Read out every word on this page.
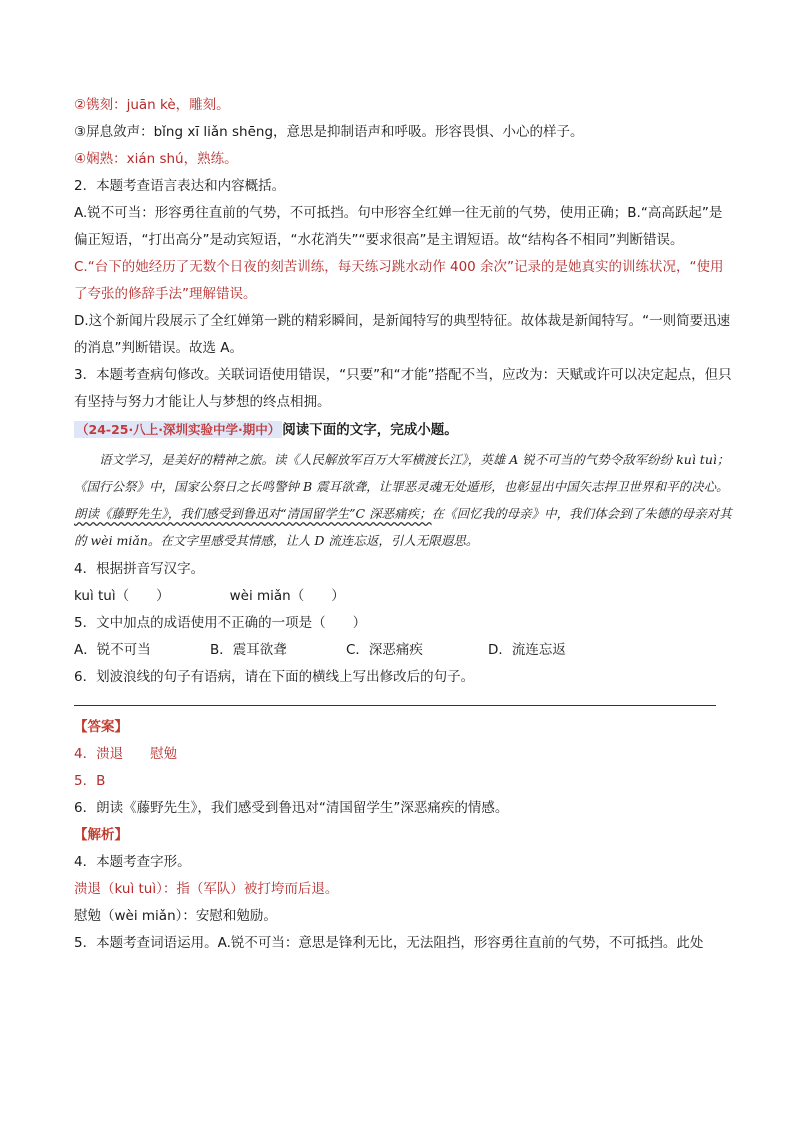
②镌刻：juān kè，雕刻。
③屏息敛声：bǐng xī liǎn shēng，意思是抑制语声和呼吸。形容畏惧、小心的样子。
④娴熟：xián shú，熟练。
2．本题考查语言表达和内容概括。
A.锐不可当：形容勇往直前的气势，不可抵挡。句中形容全红婵一往无前的气势，使用正确；B.“高高跃起”是偏正短语，“打出高分”是动宾短语，“水花消失”“要求很高”是主谓短语。故“结构各不相同”判断错误。
C.“台下的她经历了无数个日夜的刻苦训练，每天练习跳水动作 400 余次”记录的是她真实的训练状况，“使用了夸张的修辞手法”理解错误。
D.这个新闻片段展示了全红婵第一跳的精彩瞬间，是新闻特写的典型特征。故体裁是新闻特写。“一则简要迅速的消息”判断错误。故选 A。
3．本题考查病句修改。关联词语使用错误，“只要”和“才能”搭配不当，应改为：天赋或许可以决定起点，但只有坚持与努力才能让人与梦想的终点相拥。
（24-25·八上·深圳实验中学·期中） 阅读下面的文字，完成小题。
语文学习，是美好的精神之旅。读《人民解放军百万大军横渡长江》，英雄 A 锐不可当的气势令敌军纷纷 kuì tuì；《国行公祭》中，国家公祭日之长鸣警钟 B 震耳欲聋，让罪恶灵魂无处遁形，也彰显出中国矢志捍卫世界和平的决心。朗读《藤野先生》，我们感受到鲁迅对“清国留学生”C 深恶痛疾；在《回忆我的母亲》中，我们体会到了朱德的母亲对其的 wèi miǎn。在文字里感受其情感，让人 D 流连忘返，引人无限遐思。
4．根据拼音写汉字。
kuì tuì（　　）	wèi miǎn（　　）
5．文中加点的成语使用不正确的一项是（　　）
A．锐不可当	B．震耳欲聋	C．深恶痛疾	D．流连忘返
6．划波浪线的句子有语病，请在下面的横线上写出修改后的句子。
【答案】
4．溃退　　慰勉
5．B
6．朗读《藤野先生》，我们感受到鲁迅对“清国留学生”深恶痛疾的情感。
【解析】
4．本题考查字形。
溃退（kuì tuì）：指（军队）被打垮而后退。
慰勉（wèi miǎn）：安慰和勉励。
5．本题考查词语运用。A.锐不可当：意思是锋利无比，无法阻挡，形容勇往直前的气势，不可抵挡。此处
